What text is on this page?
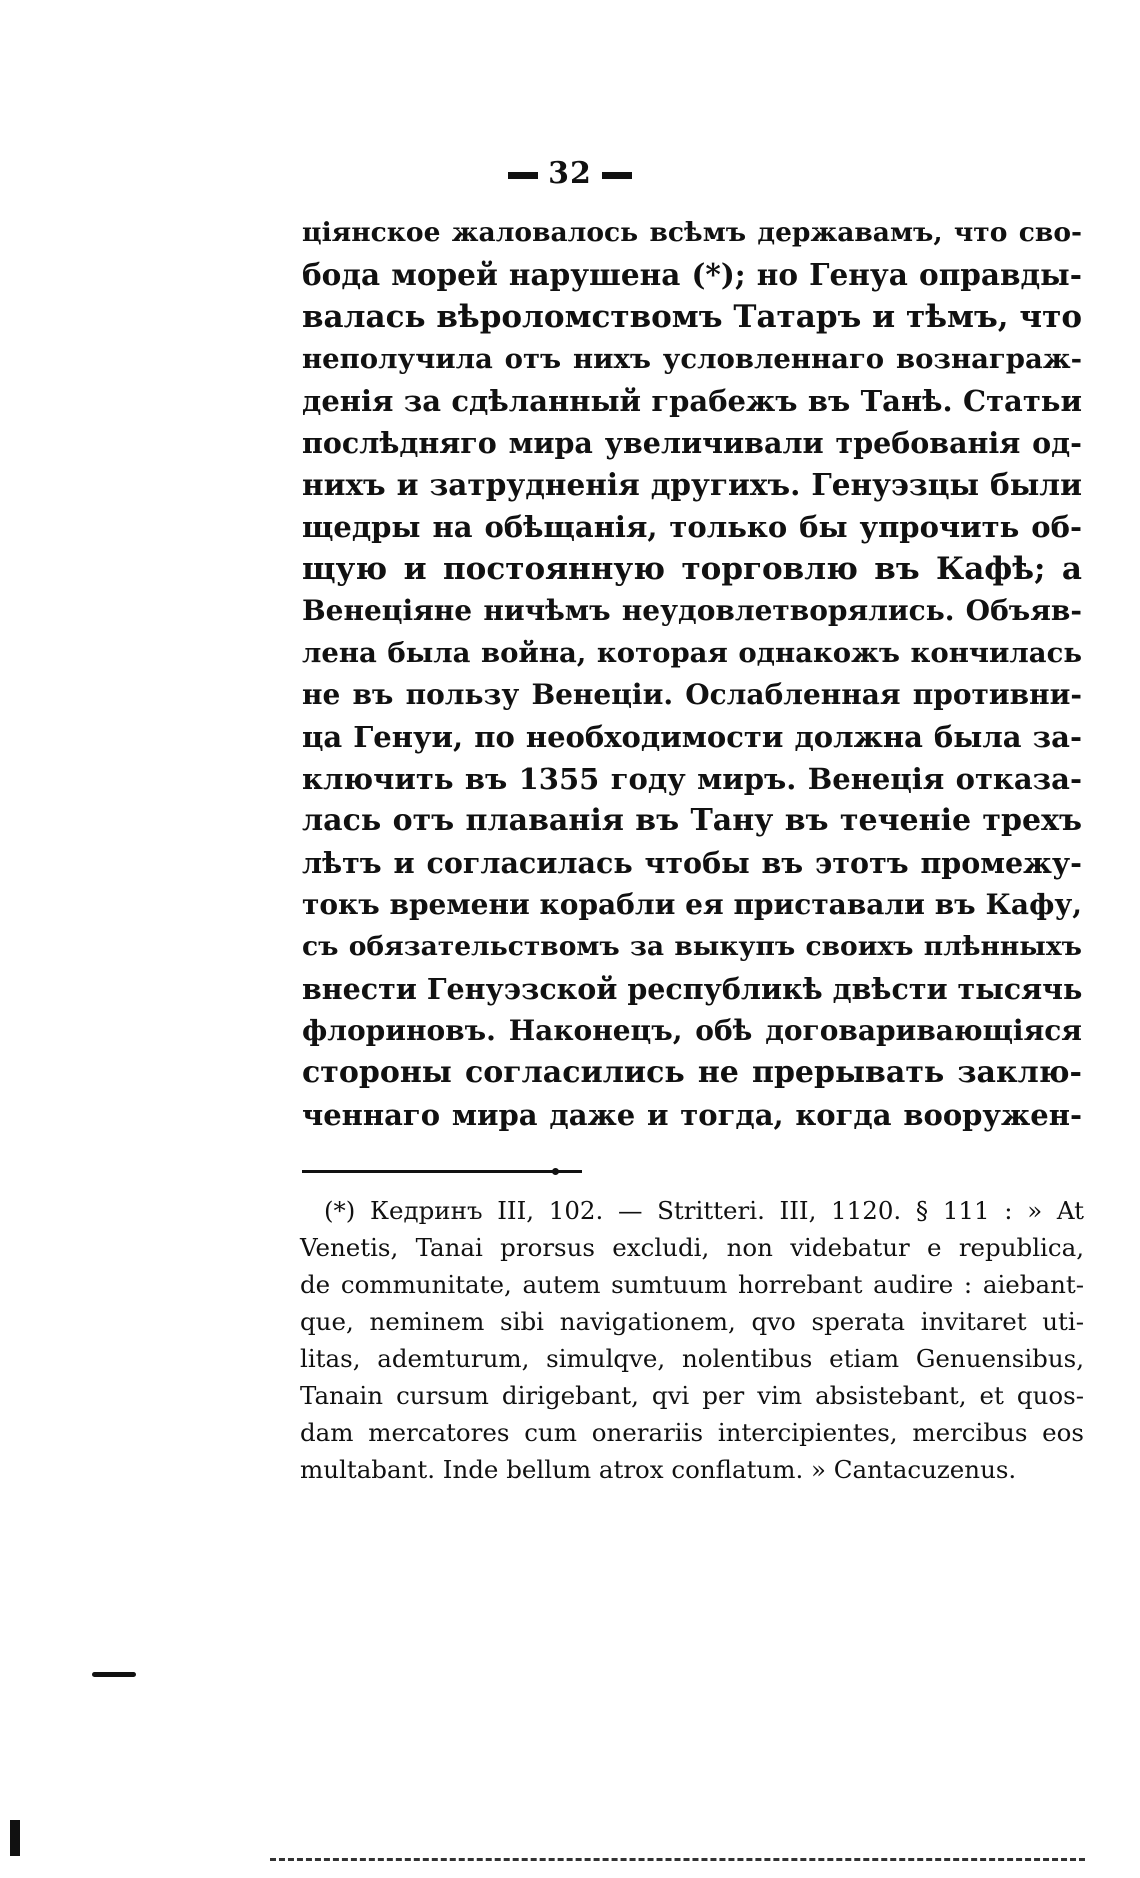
32
ціянское жаловалось всѣмъ державамъ, что сво-
бода морей нарушена (*); но Генуа оправды-
валась вѣроломствомъ Татаръ и тѣмъ, что
неполучила отъ нихъ условленнаго вознаграж-
денія за сдѣланный грабежъ въ Танѣ. Статьи
послѣдняго мира увеличивали требованія од-
нихъ и затрудненія другихъ. Генуэзцы были
щедры на обѣщанія, только бы упрочить об-
щую и постоянную торговлю въ Кафѣ; а
Венеціяне ничѣмъ неудовлетворялись. Объяв-
лена была война, которая однакожъ кончилась
не въ пользу Венеціи. Ослабленная противни-
ца Генуи, по необходимости должна была за-
ключить въ 1355 году миръ. Венеція отказа-
лась отъ плаванія въ Тану въ теченіе трехъ
лѣтъ и согласилась чтобы въ этотъ промежу-
токъ времени корабли ея приставали въ Кафу,
съ обязательствомъ за выкупъ своихъ плѣнныхъ
внести Генуэзской республикѣ двѣсти тысячь
флориновъ. Наконецъ, обѣ договаривающіяся
стороны согласились не прерывать заклю-
ченнаго мира даже и тогда, когда вооружен-
(*) Кедринъ III, 102. — Stritteri. III, 1120. § 111 : » At
Venetis, Tanai prorsus excludi, non videbatur e republica,
de communitate, autem sumtuum horrebant audire : aiebant-
que, neminem sibi navigationem, qvo sperata invitaret uti-
litas, ademturum, simulqve, nolentibus etiam Genuensibus,
Tanain cursum dirigebant, qvi per vim absistebant, et quos-
dam mercatores cum onerariis intercipientes, mercibus eos
multabant. Inde bellum atrox conflatum. » Cantacuzenus.
